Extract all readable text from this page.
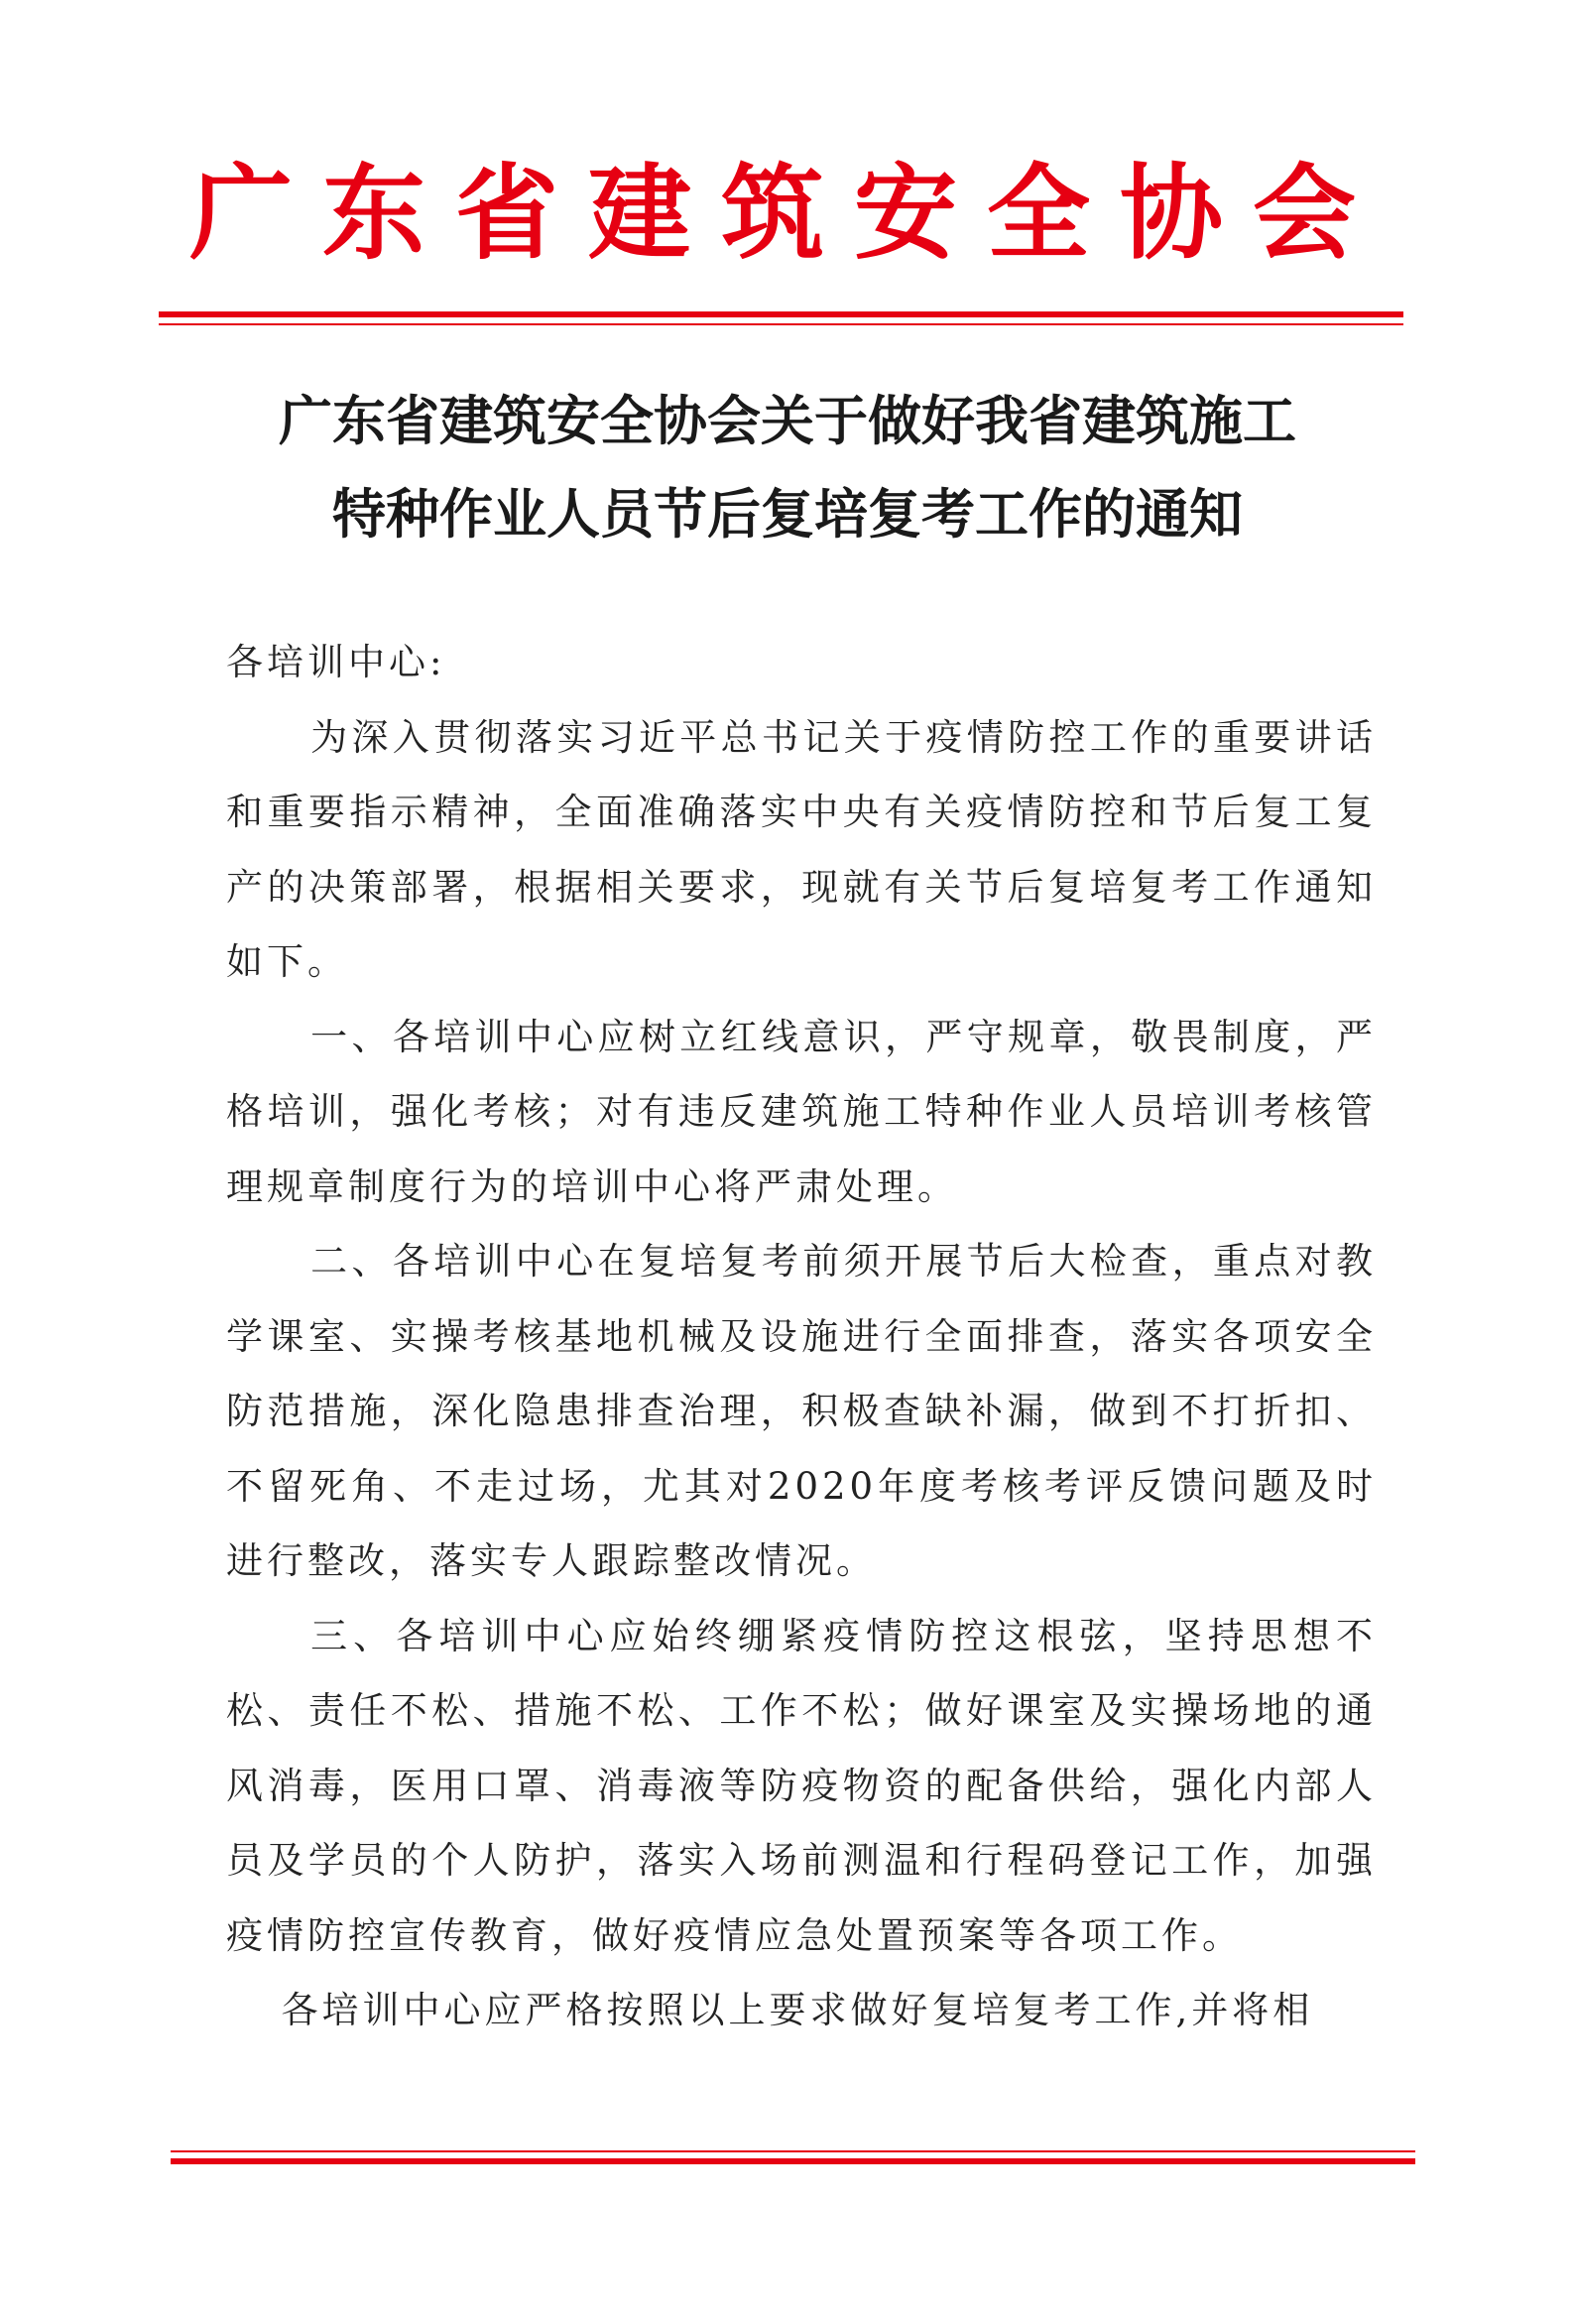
广东省建筑安全协会
广东省建筑安全协会关于做好我省建筑施工
特种作业人员节后复培复考工作的通知

各培训中心:

为深入贯彻落实习近平总书记关于疫情防控工作的重要讲话和重要指示精神，全面准确落实中央有关疫情防控和节后复工复产的决策部署，根据相关要求，现就有关节后复培复考工作通知如下。

一、各培训中心应树立红线意识，严守规章，敬畏制度，严格培训，强化考核；对有违反建筑施工特种作业人员培训考核管理规章制度行为的培训中心将严肃处理。

二、各培训中心在复培复考前须开展节后大检查，重点对教学课室、实操考核基地机械及设施进行全面排查，落实各项安全防范措施，深化隐患排查治理，积极查缺补漏，做到不打折扣、不留死角、不走过场，尤其对2020年度考核考评反馈问题及时进行整改，落实专人跟踪整改情况。

三、各培训中心应始终绷紧疫情防控这根弦，坚持思想不松、责任不松、措施不松、工作不松；做好课室及实操场地的通风消毒，医用口罩、消毒液等防疫物资的配备供给，强化内部人员及学员的个人防护，落实入场前测温和行程码登记工作，加强疫情防控宣传教育，做好疫情应急处置预案等各项工作。

各培训中心应严格按照以上要求做好复培复考工作,并将相
